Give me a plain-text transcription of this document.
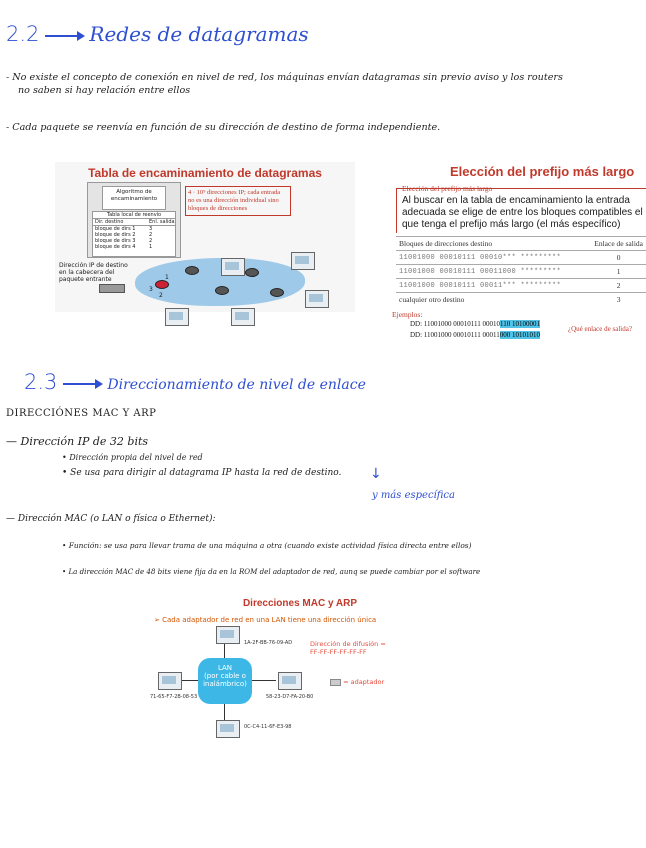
2.2	Redes de datagramas
- No existe el concepto de conexión en nivel de red, los máquinas envían datagramas sin previo aviso y los routers
no saben si hay relación entre ellos
- Cada paquete se reenvía en función de su dirección de destino de forma independiente.
Tabla de encaminamiento de datagramas
Algoritmo de encaminamiento
Tabla local de reenvío
Dir. destino	Enl. salida
bloque de dirs 1	3
bloque de dirs 2	2
bloque de dirs 3	2
bloque de dirs 4	1
4 · 10⁹ direcciones IP; cada entrada no es una dirección individual sino bloques de direcciones
Dirección IP de destino en la cabecera del paquete entrante	1
2
3
Elección del prefijo más largo
Elección del prefijo más largo
Al buscar en la tabla de encaminamiento la entrada adecuada se elige de entre los bloques compatibles el que tenga el prefijo más largo (el más específico)
Bloques de direcciones destino	Enlace de salida
11001000 00010111 00010*** *********	0
11001000 00010111 00011000 *********	1
11001000 00010111 00011*** *********	2
cualquier otro destino	3
Ejemplos:
DD: 11001000 00010111 00010110 10100001
DD: 11001000 00010111 00011000 10101010
¿Qué enlace de salida?
2.3	Direccionamiento de nivel de enlace
DIRECCIÓNES MAC Y ARP
— Dirección IP de 32 bits
• Dirección propia del nivel de red
• Se usa para dirigir al datagrama IP hasta la red de destino. ↓
y más específica
— Dirección MAC (o LAN o física o Ethernet):
• Función: se usa para llevar trama de una máquina a otra (cuando existe actividad física directa entre ellos)
• La dirección MAC de 48 bits viene fija da en la ROM del adaptador de red, aunq se puede cambiar por el software
Direcciones MAC y ARP
➢ Cada adaptador de red en una LAN tiene una dirección única
LAN
(por cable o
inalámbrico)
1A-2F-BB-76-09-AD
71-65-F7-2B-08-53	58-23-D7-FA-20-B0
0C-C4-11-6F-E3-98
Dirección de difusión =
FF-FF-FF-FF-FF-FF
= adaptador
